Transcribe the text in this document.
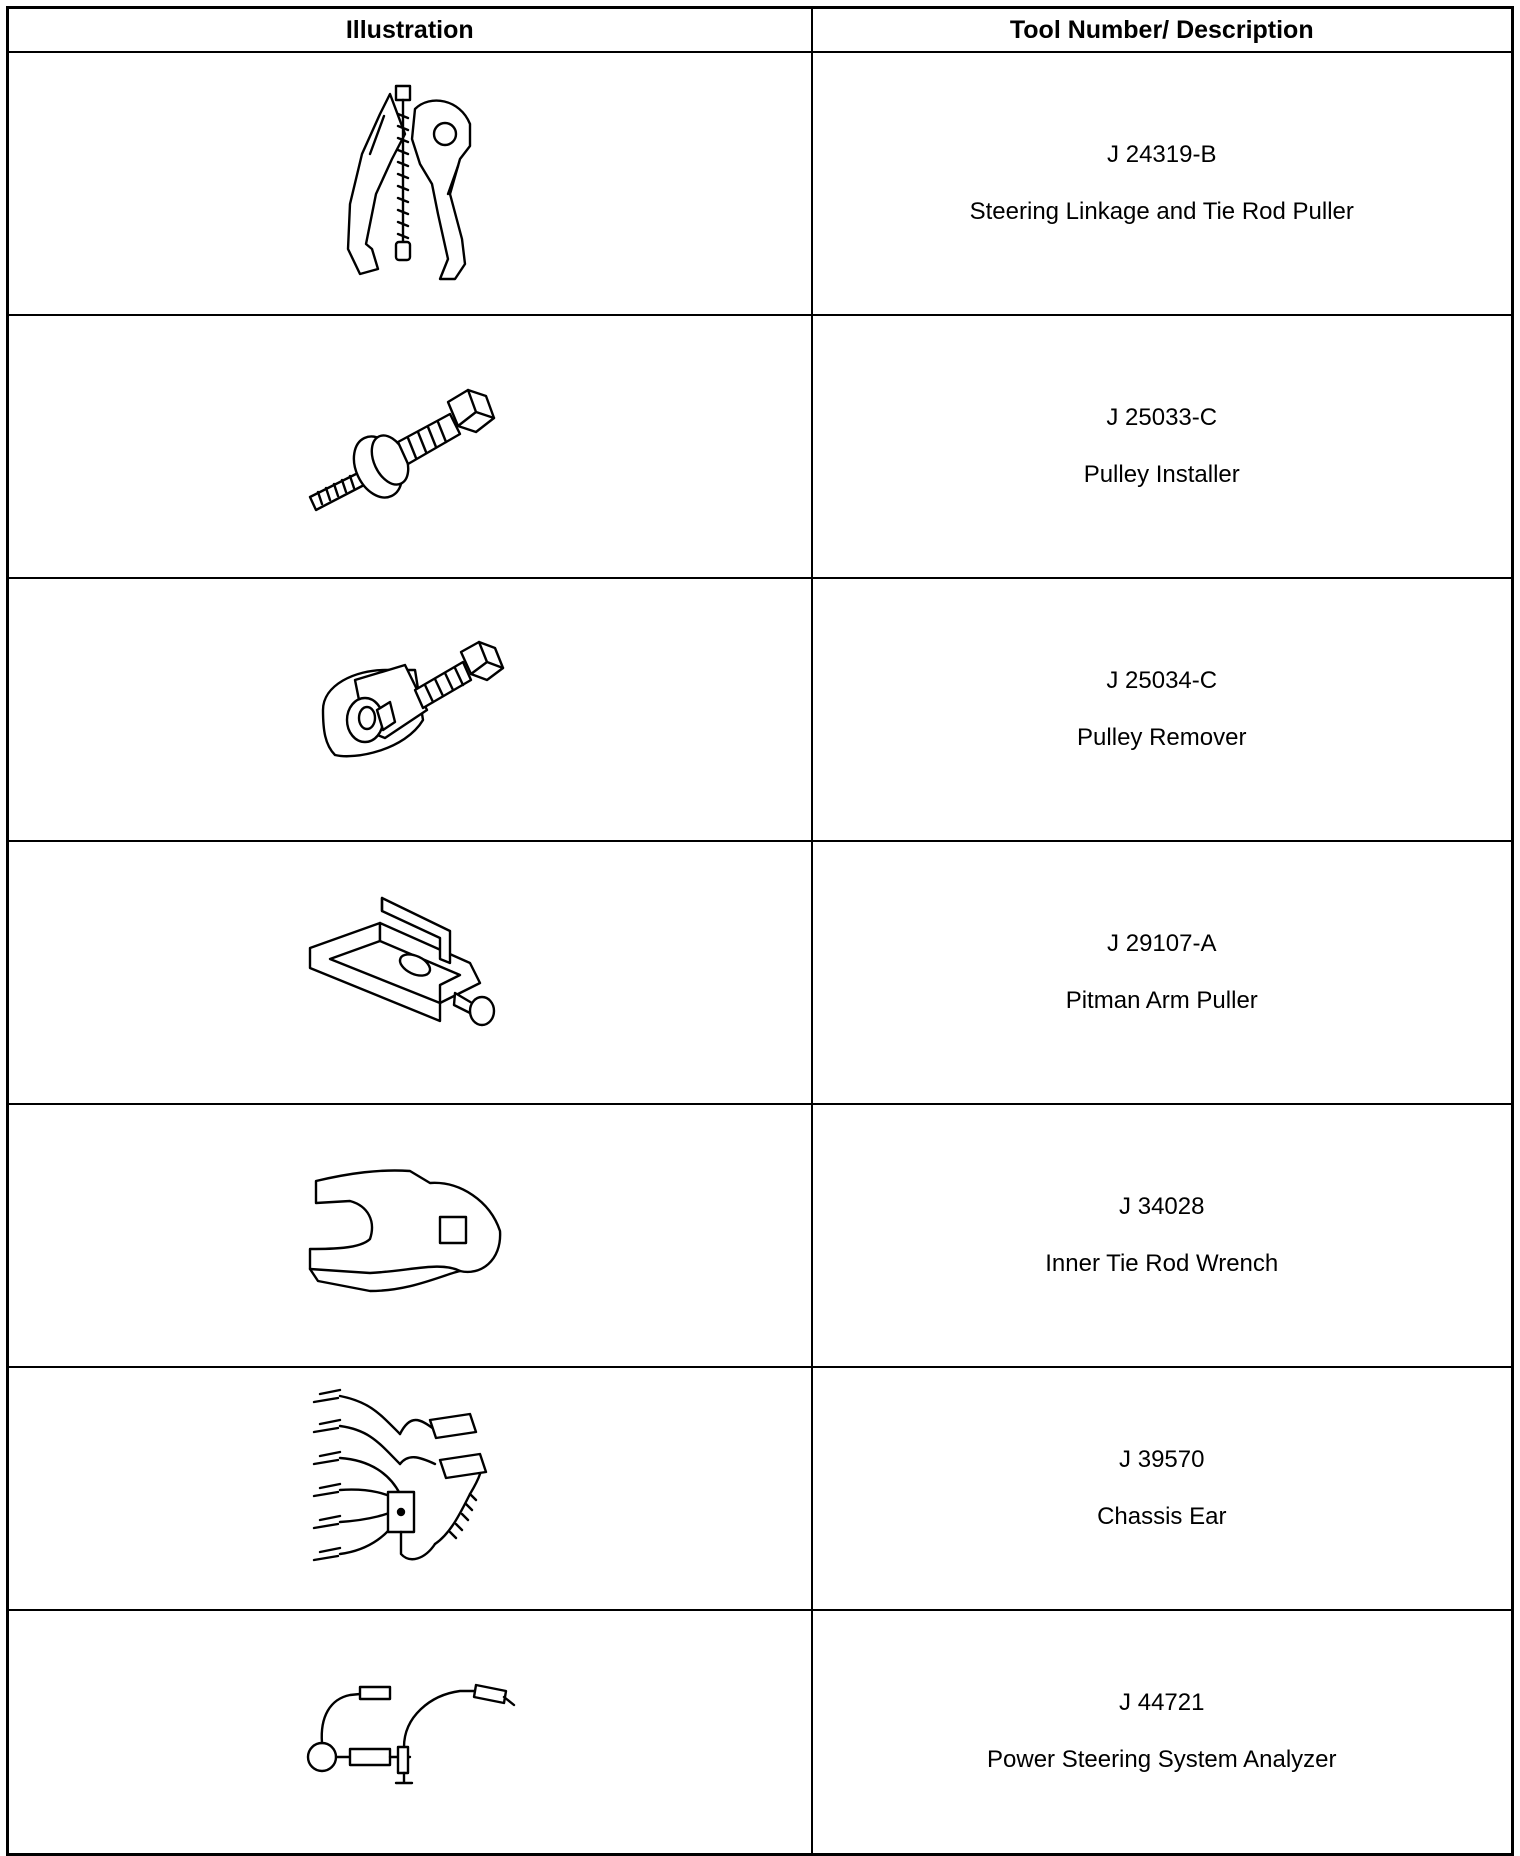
Illustration	Tool Number/ Description

J 24319-B
Steering Linkage and Tie Rod Puller

J 25033-C
Pulley Installer

J 25034-C
Pulley Remover

J 29107-A
Pitman Arm Puller

J 34028
Inner Tie Rod Wrench

J 39570
Chassis Ear

J 44721
Power Steering System Analyzer
